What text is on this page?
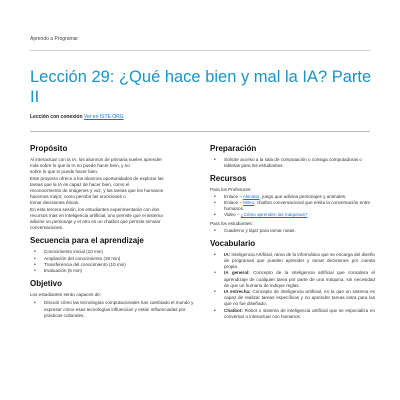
Aprendo a Programar
Lección 29: ¿Qué hace bien y mal la IA? Parte II
Lección con conexión Ver en ISTE.ORG
Propósito
Al interactuar con la IA, los alumnos de primaria suelen aprender
más sobre lo que la IA no puede hacer bien, y no
sobre lo que sí puede hacer bien.
Este proyecto ofrece a los alumnos oportunidades de explorar las
tareas que la IA es capaz de hacer bien, como el
reconocimiento de imágenes y voz, y las tareas que los humanos
hacemos mejor, como percibir las emociones o
tomar decisiones éticas.
En esta tercera sesión, los estudiantes experimentarán con dos
recursos más en inteligencia artificial, uno permite que el sistema
adivine un personaje y el otro es un chatbot que permite simular
conversaciones.
Secuencia para el aprendizaje
• Conocimiento inicial (10 min)
• Ampliación del conocimiento (30 min)
• Transferencia del conocimiento (10 min)
• Evaluación (5 min)
Objetivo

Los estudiantes serán capaces de:

• Discutir cómo las tecnologías computacionales han cambiado el mundo y expresar cómo esas tecnologías influencian y están influenciadas por prácticas culturales.
Preparación
• Solicite acceso a la sala de computación o consiga computadoras o tabletas para los estudiantes.
Recursos

Para los Profesores:

• Enlace – Akinator, juego que adivina personajes y animales.
• Enlace – Mitsu, chatbot conversacional que emita la conversación entre humanos.
• Video – ¿Cómo aprenden las máquinas?

Para los estudiantes:

• Cuaderno y lápiz para tomar notas.
Vocabulario
• IA: Inteligencia Artificial, rama de la informática que se encarga del diseño de programas que pueden aprender y tomar decisiones por cuenta propia.
• IA general: Concepto de la inteligencia artificial que considera el aprendizaje de cualquier tarea por parte de una máquina, sin necesidad de que un humano de indique reglas.
• IA estrecha: Concepto de inteligencia artificial, en la que un sistema es capaz de realizar tareas específicas y no aprender tareas extra para las que no fue diseñado.
• Chatbot: Robot o sistema de inteligencia artificial que se especializa en conversar o interactuar con humanos.
